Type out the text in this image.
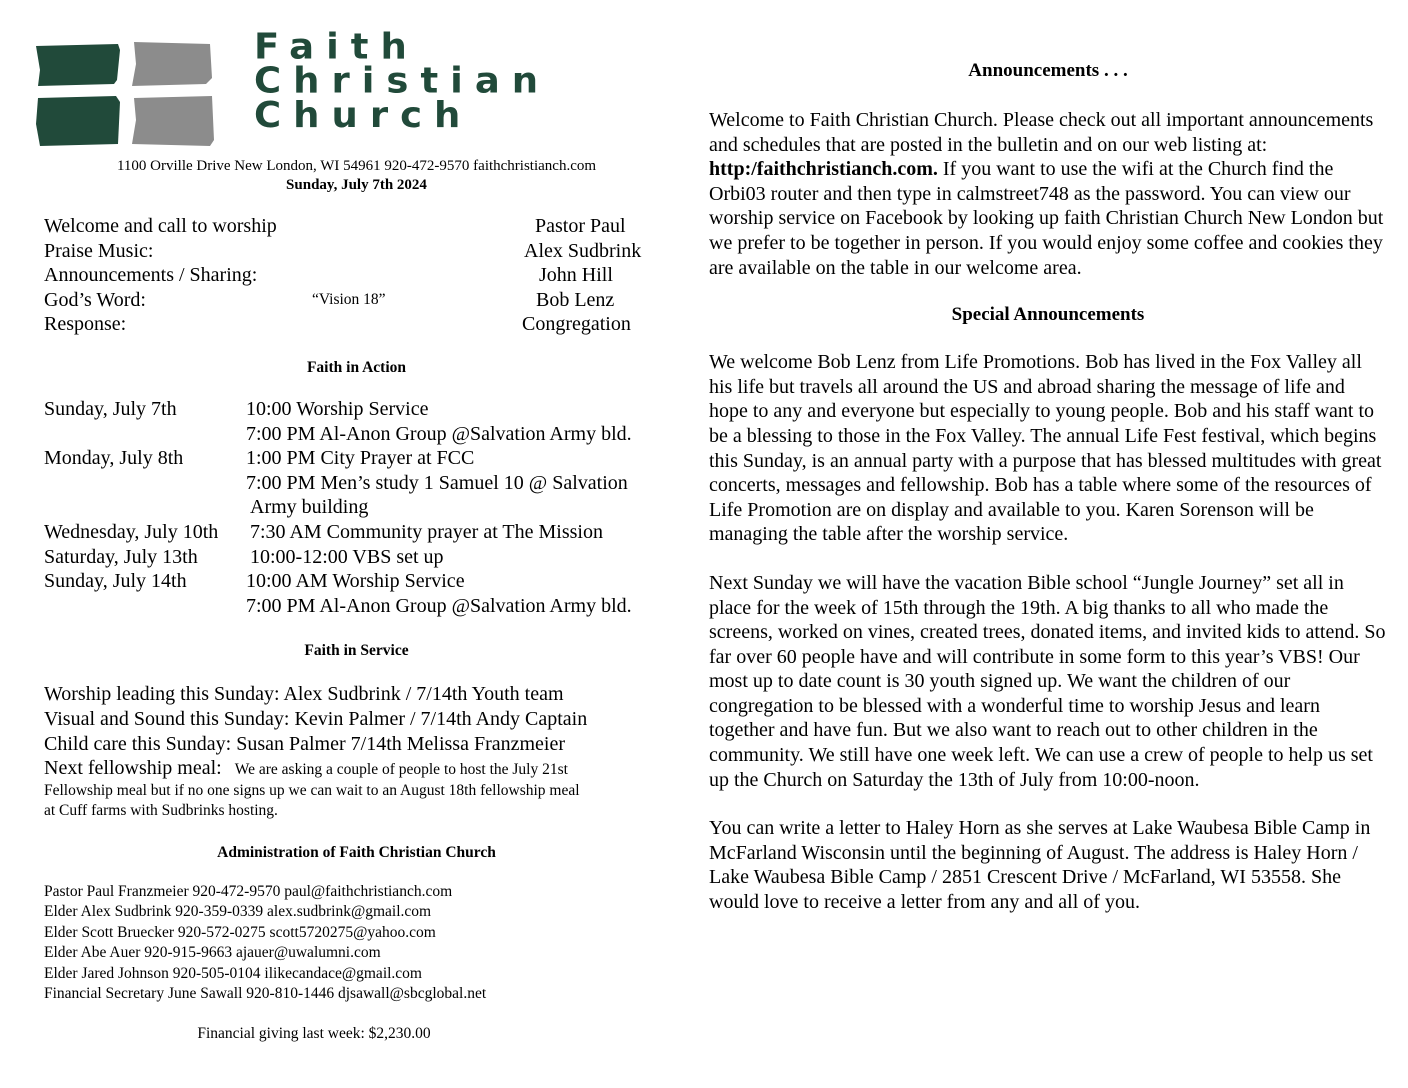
Faith
Christian
Church
1100 Orville Drive New London, WI 54961 920-472-9570 faithchristianch.com
Sunday, July 7th 2024
Welcome and call to worship	Pastor Paul
Praise Music:	Alex Sudbrink
Announcements / Sharing:	John Hill
God’s Word:	“Vision 18”	Bob Lenz
Response:	Congregation
Faith in Action
Sunday, July 7th	10:00 Worship Service
7:00 PM Al-Anon Group @Salvation Army bld.
Monday, July 8th	1:00 PM City Prayer at FCC
7:00 PM Men’s study 1 Samuel 10 @ Salvation
Army building
Wednesday, July 10th 7:30 AM Community prayer at The Mission
Saturday, July 13th	10:00-12:00 VBS set up
Sunday, July 14th	10:00 AM Worship Service
7:00 PM Al-Anon Group @Salvation Army bld.
Faith in Service
Worship leading this Sunday: Alex Sudbrink / 7/14th Youth team
Visual and Sound this Sunday: Kevin Palmer / 7/14th Andy Captain
Child care this Sunday: Susan Palmer 7/14th Melissa Franzmeier
Next fellowship meal: We are asking a couple of people to host the July 21st
Fellowship meal but if no one signs up we can wait to an August 18th fellowship meal
at Cuff farms with Sudbrinks hosting.
Administration of Faith Christian Church
Pastor Paul Franzmeier 920-472-9570 paul@faithchristianch.com
Elder Alex Sudbrink 920-359-0339 alex.sudbrink@gmail.com
Elder Scott Bruecker 920-572-0275 scott5720275@yahoo.com
Elder Abe Auer 920-915-9663 ajauer@uwalumni.com
Elder Jared Johnson 920-505-0104 ilikecandace@gmail.com
Financial Secretary June Sawall 920-810-1446 djsawall@sbcglobal.net
Financial giving last week: $2,230.00
Announcements . . .
Welcome to Faith Christian Church. Please check out all important announcements and schedules that are posted in the bulletin and on our web listing at: http:/faithchristianch.com. If you want to use the wifi at the Church find the Orbi03 router and then type in calmstreet748 as the password. You can view our worship service on Facebook by looking up faith Christian Church New London but we prefer to be together in person. If you would enjoy some coffee and cookies they are available on the table in our welcome area.
Special Announcements
We welcome Bob Lenz from Life Promotions. Bob has lived in the Fox Valley all his life but travels all around the US and abroad sharing the message of life and hope to any and everyone but especially to young people. Bob and his staff want to be a blessing to those in the Fox Valley. The annual Life Fest festival, which begins this Sunday, is an annual party with a purpose that has blessed multitudes with great concerts, messages and fellowship. Bob has a table where some of the resources of Life Promotion are on display and available to you. Karen Sorenson will be managing the table after the worship service.
Next Sunday we will have the vacation Bible school “Jungle Journey” set all in place for the week of 15th through the 19th. A big thanks to all who made the screens, worked on vines, created trees, donated items, and invited kids to attend. So far over 60 people have and will contribute in some form to this year’s VBS! Our most up to date count is 30 youth signed up. We want the children of our congregation to be blessed with a wonderful time to worship Jesus and learn together and have fun. But we also want to reach out to other children in the community. We still have one week left. We can use a crew of people to help us set up the Church on Saturday the 13th of July from 10:00-noon.
You can write a letter to Haley Horn as she serves at Lake Waubesa Bible Camp in McFarland Wisconsin until the beginning of August. The address is Haley Horn / Lake Waubesa Bible Camp / 2851 Crescent Drive / McFarland, WI 53558. She would love to receive a letter from any and all of you.
